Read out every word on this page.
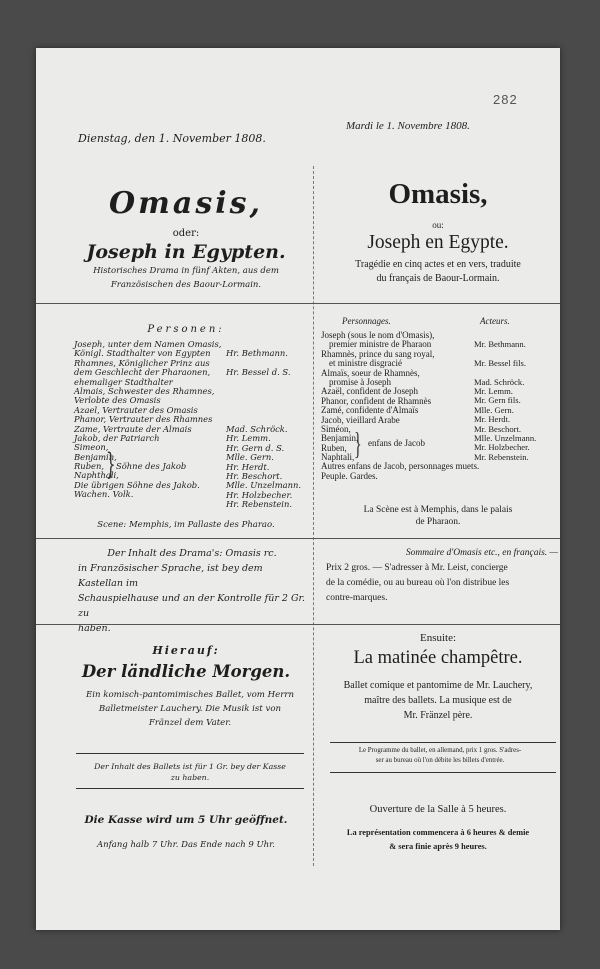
282
Dienstag, den 1. November 1808.
Omasis,
oder:
Joseph in Egypten.
Historisches Drama in fünf Akten, aus dem
Französischen des Baour-Lormain.
Personen:
Joseph, unter dem Namen Omasis,
Königl. Stadthalter von Egypten
Rhamnes, Königlicher Prinz aus
dem Geschlecht der Pharaonen,
ehemaliger Stadthalter
Almais, Schwester des Rhamnes,
Verlobte des Omasis
Azael, Vertrauter des Omasis
Phanor, Vertrauter des Rhamnes
Zame, Vertraute der Almais
Jakob, der Patriarch
Simeon,
Benjamin,
Ruben,
Naphthali,
Die übrigen Söhne des Jakob.
Wachen. Volk.
} Söhne des Jakob
Hr. Bethmann.
Hr. Bessel d. S.
Mad. Schröck.
Hr. Lemm.
Hr. Gern d. S.
Mlle. Gern.
Hr. Herdt.
Hr. Beschort.
Mlle. Unzelmann.
Hr. Holzbecher.
Hr. Rebenstein.
Scene: Memphis, im Pallaste des Pharao.
Der Inhalt des Drama's: Omasis rc.
in Französischer Sprache, ist bey dem Kastellan im
Schauspielhause und an der Kontrolle für 2 Gr. zu
haben.
Hierauf:
Der ländliche Morgen.
Ein komisch-pantomimisches Ballet, vom Herrn
Balletmeister Lauchery. Die Musik ist von
Fränzel dem Vater.
Der Inhalt des Ballets ist für 1 Gr. bey der Kasse
zu haben.
Die Kasse wird um 5 Uhr geöffnet.
Anfang halb 7 Uhr. Das Ende nach 9 Uhr.
Mardi le 1. Novembre 1808.
Omasis,
ou:
Joseph en Egypte.
Tragédie en cinq actes et en vers, traduite
du français de Baour-Lormain.
Personnages.	Acteurs.
Joseph (sous le nom d'Omasis),
premier ministre de Pharaon
Rhamnès, prince du sang royal,
et ministre disgracié
Almaïs, soeur de Rhamnès,
promise à Joseph
Azaël, confident de Joseph
Phanor, confident de Rhamnès
Zamé, confidente d'Almaïs
Jacob, vieillard Arabe
Siméon,
Benjamin,
Ruben,
Naphtali,
Autres enfans de Jacob, personnages muets.
Peuple. Gardes.
} enfans de Jacob
Mr. Bethmann.
Mr. Bessel fils.
Mad. Schröck.
Mr. Lemm.
Mr. Gern fils.
Mlle. Gern.
Mr. Herdt.
Mr. Beschort.
Mlle. Unzelmann.
Mr. Holzbecher.
Mr. Rebenstein.
La Scène est à Memphis, dans le palais
de Pharaon.
Sommaire d'Omasis etc., en français. —
Prix 2 gros. — S'adresser à Mr. Leist, concierge
de la comédie, ou au bureau où l'on distribue les
contre-marques.
Ensuite:
La matinée champêtre.
Ballet comique et pantomime de Mr. Lauchery,
maître des ballets. La musique est de
Mr. Fränzel père.
Le Programme du ballet, en allemand, prix 1 gros. S'adres-
ser au bureau où l'on débite les billets d'entrée.
Ouverture de la Salle à 5 heures.
La représentation commencera à 6 heures & demie
& sera finie après 9 heures.
